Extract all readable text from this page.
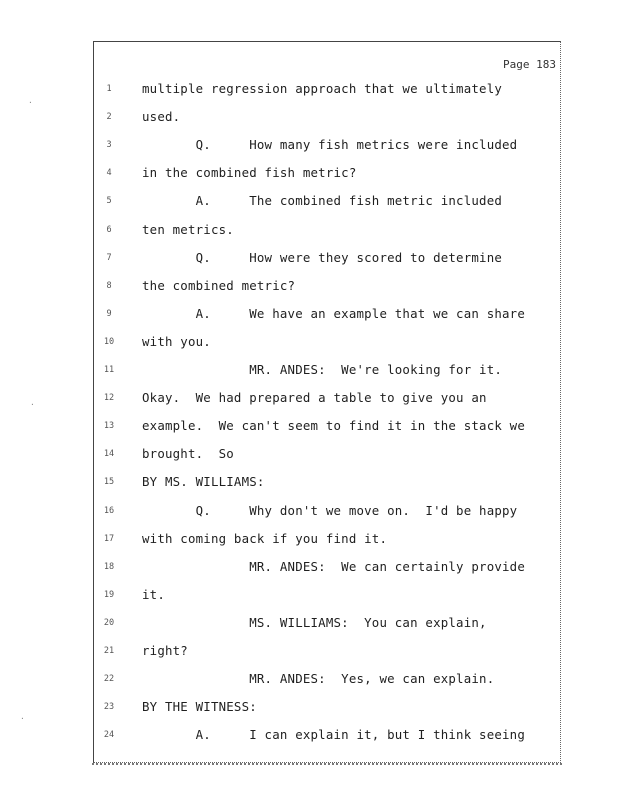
Page 183
1	multiple regression approach that we ultimately
2	used.
3	Q.     How many fish metrics were included
4	in the combined fish metric?
5	A.     The combined fish metric included
6	ten metrics.
7	Q.     How were they scored to determine
8	the combined metric?
9	A.     We have an example that we can share
10 with you.
11 MR. ANDES:  We're looking for it.
12 Okay.  We had prepared a table to give you an
13 example.  We can't seem to find it in the stack we
14 brought.  So
15 BY MS. WILLIAMS:
16 Q.     Why don't we move on.  I'd be happy
17 with coming back if you find it.
18 MR. ANDES:  We can certainly provide
19 it.
20 MS. WILLIAMS:  You can explain,
21 right?
22 MR. ANDES:  Yes, we can explain.
23 BY THE WITNESS:
24 A.     I can explain it, but I think seeing
.
·
.
